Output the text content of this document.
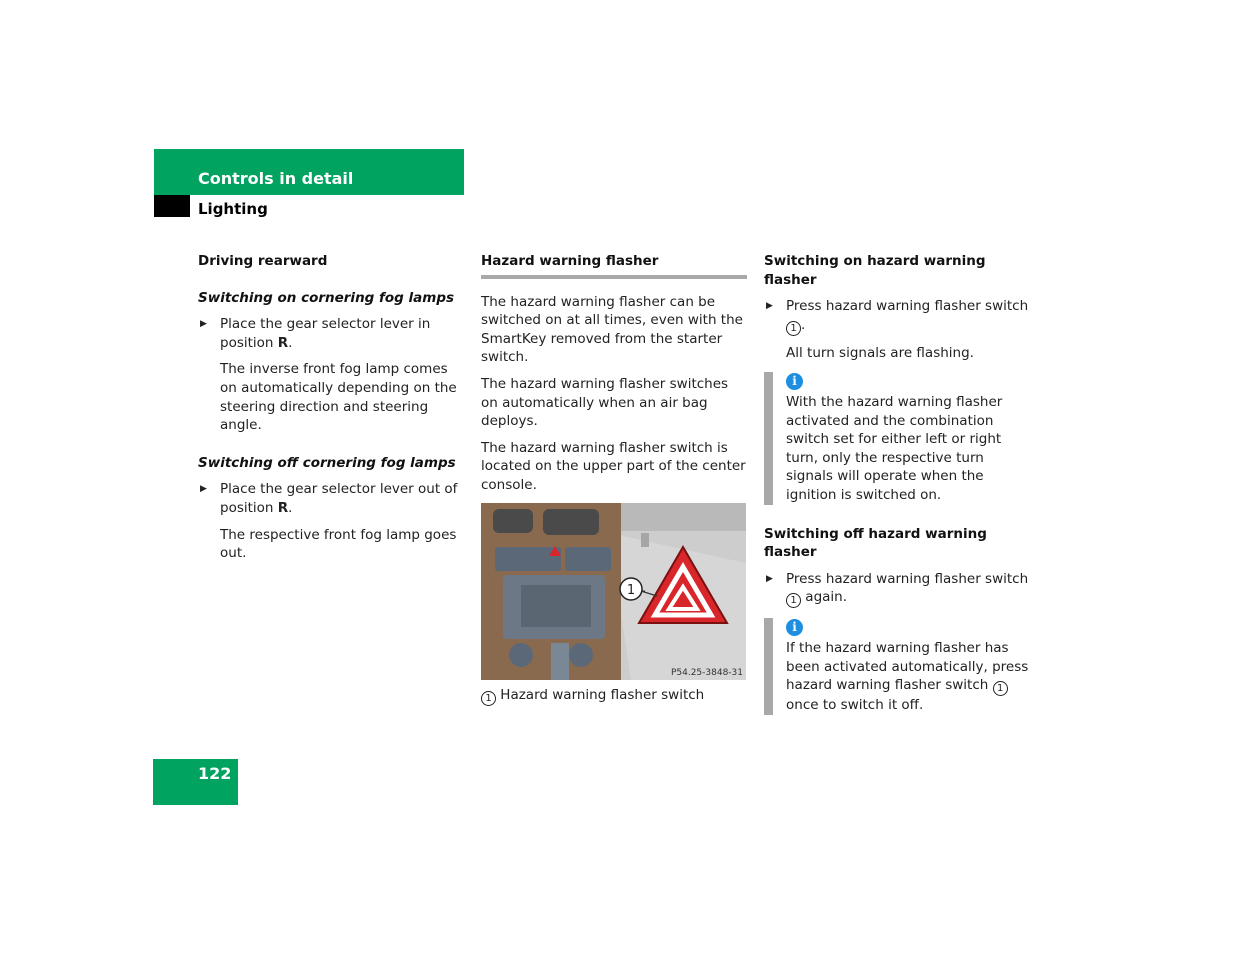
Controls in detail
Lighting
Driving rearward
Switching on cornering fog lamps

▶ Place the gear selector lever in position R.

The inverse front fog lamp comes on automatically depending on the steering direction and steering angle.

Switching off cornering fog lamps

▶ Place the gear selector lever out of position R.

The respective front fog lamp goes out.

Hazard warning flasher

The hazard warning flasher can be switched on at all times, even with the SmartKey removed from the starter switch.

The hazard warning flasher switches on automatically when an air bag deploys.

The hazard warning flasher switch is located on the upper part of the center console.

1
P54.25-3848-31

1 Hazard warning flasher switch

Switching on hazard warning flasher

▶ Press hazard warning flasher switch 1 .

All turn signals are flashing.

i

With the hazard warning flasher activated and the combination switch set for either left or right turn, only the respective turn signals will operate when the ignition is switched on.

Switching off hazard warning flasher

▶ Press hazard warning flasher switch 1 again.

i

If the hazard warning flasher has been activated automatically, press hazard warning flasher switch 1 once to switch it off.

122
